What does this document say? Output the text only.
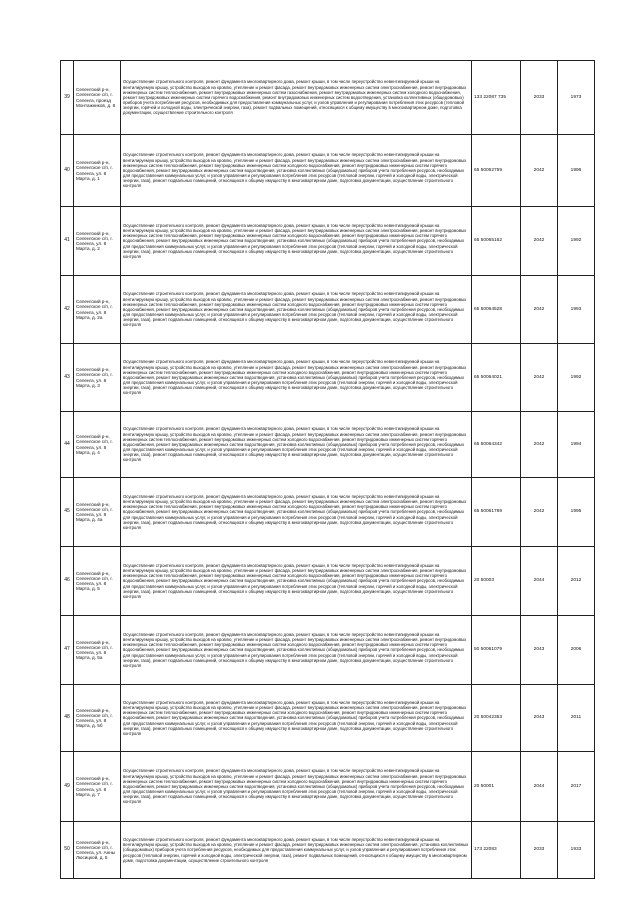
39	Селенгский р-н, Селенгское с/п, г. Селенга, проезд Монтажников, д. 8	Осуществление строительного контроля, ремонт фундамента многоквартирного дома, ремонт крыши, в том числе переустройство невентилируемой крыши на вентилируемую крышу, устройство выходов на кровлю, утепление и ремонт фасада, ремонт внутридомовых инженерных систем электроснабжения, ремонт внутридомовых инженерных систем теплоснабжения, ремонт внутридомовых инженерных систем газоснабжения, ремонт внутридомовых инженерных систем холодного водоснабжения, ремонт внутридомовых инженерных систем горячего водоснабжения, ремонт внутридомовых инженерных систем водоотведения, установка коллективных (общедомовых) приборов учета потребления ресурсов, необходимых для предоставления коммунальных услуг, и узлов управления и регулирования потребления этих ресурсов (тепловой энергии, горячей и холодной воды, электрической энергии, газа), ремонт подвальных помещений, относящихся к общему имуществу в многоквартирном доме, подготовка документации, осуществление строительного контроля	133 22087 735	2033	1973
40	Селенгский р-н, Селенгское с/п, г. Селенга, ул. 8 Марта, д. 1	Осуществление строительного контроля, ремонт фундамента многоквартирного дома, ремонт крыши, в том числе переустройство невентилируемой крыши на вентилируемую крышу, устройство выходов на кровлю, утепление и ремонт фасада, ремонт внутридомовых инженерных систем электроснабжения, ремонт внутридомовых инженерных систем теплоснабжения, ремонт внутридомовых инженерных систем холодного водоснабжения, ремонт внутридомовых инженерных систем горячего водоснабжения, ремонт внутридомовых инженерных систем водоотведения, установка коллективных (общедомовых) приборов учета потребления ресурсов, необходимых для предоставления коммунальных услуг, и узлов управления и регулирования потребления этих ресурсов (тепловой энергии, горячей и холодной воды, электрической энергии, газа), ремонт подвальных помещений, относящихся к общему имуществу в многоквартирном доме, подготовка документации, осуществление строительного контроля	65 50062759	2042	1996
41	Селенгский р-н, Селенгское с/п, г. Селенга, ул. 8 Марта, д. 2	Осуществление строительного контроля, ремонт фундамента многоквартирного дома, ремонт крыши, в том числе переустройство невентилируемой крыши на вентилируемую крышу, устройство выходов на кровлю, утепление и ремонт фасада, ремонт внутридомовых инженерных систем электроснабжения, ремонт внутридомовых инженерных систем теплоснабжения, ремонт внутридомовых инженерных систем холодного водоснабжения, ремонт внутридомовых инженерных систем горячего водоснабжения, ремонт внутридомовых инженерных систем водоотведения, установка коллективных (общедомовых) приборов учета потребления ресурсов, необходимых для предоставления коммунальных услуг, и узлов управления и регулирования потребления этих ресурсов (тепловой энергии, горячей и холодной воды, электрической энергии, газа), ремонт подвальных помещений, относящихся к общему имуществу в многоквартирном доме, подготовка документации, осуществление строительного контроля	65 50065162	2042	1992
42	Селенгский р-н, Селенгское с/п, г. Селенга, ул. 8 Марта, д. 2а	Осуществление строительного контроля, ремонт фундамента многоквартирного дома, ремонт крыши, в том числе переустройство невентилируемой крыши на вентилируемую крышу, устройство выходов на кровлю, утепление и ремонт фасада, ремонт внутридомовых инженерных систем электроснабжения, ремонт внутридомовых инженерных систем теплоснабжения, ремонт внутридомовых инженерных систем холодного водоснабжения, ремонт внутридомовых инженерных систем горячего водоснабжения, ремонт внутридомовых инженерных систем водоотведения, установка коллективных (общедомовых) приборов учета потребления ресурсов, необходимых для предоставления коммунальных услуг, и узлов управления и регулирования потребления этих ресурсов (тепловой энергии, горячей и холодной воды, электрической энергии, газа), ремонт подвальных помещений, относящихся к общему имуществу в многоквартирном доме, подготовка документации, осуществление строительного контроля	65 50064528	2042	1993
43	Селенгский р-н, Селенгское с/п, г. Селенга, ул. 8 Марта, д. 3	Осуществление строительного контроля, ремонт фундамента многоквартирного дома, ремонт крыши, в том числе переустройство невентилируемой крыши на вентилируемую крышу, устройство выходов на кровлю, утепление и ремонт фасада, ремонт внутридомовых инженерных систем электроснабжения, ремонт внутридомовых инженерных систем теплоснабжения, ремонт внутридомовых инженерных систем холодного водоснабжения, ремонт внутридомовых инженерных систем горячего водоснабжения, ремонт внутридомовых инженерных систем водоотведения, установка коллективных (общедомовых) приборов учета потребления ресурсов, необходимых для предоставления коммунальных услуг, и узлов управления и регулирования потребления этих ресурсов (тепловой энергии, горячей и холодной воды, электрической энергии, газа), ремонт подвальных помещений, относящихся к общему имуществу в многоквартирном доме, подготовка документации, осуществление строительного контроля	65 50064021	2042	1992
44	Селенгский р-н, Селенгское с/п, г. Селенга, ул. 8 Марта, д. 4	Осуществление строительного контроля, ремонт фундамента многоквартирного дома, ремонт крыши, в том числе переустройство невентилируемой крыши на вентилируемую крышу, устройство выходов на кровлю, утепление и ремонт фасада, ремонт внутридомовых инженерных систем электроснабжения, ремонт внутридомовых инженерных систем теплоснабжения, ремонт внутридомовых инженерных систем холодного водоснабжения, ремонт внутридомовых инженерных систем горячего водоснабжения, ремонт внутридомовых инженерных систем водоотведения, установка коллективных (общедомовых) приборов учета потребления ресурсов, необходимых для предоставления коммунальных услуг, и узлов управления и регулирования потребления этих ресурсов (тепловой энергии, горячей и холодной воды, электрической энергии, газа), ремонт подвальных помещений, относящихся к общему имуществу в многоквартирном доме, подготовка документации, осуществление строительного контроля	65 50064342	2042	1994
45	Селенгский р-н, Селенгское с/п, г. Селенга, ул. 8 Марта, д. 4а	Осуществление строительного контроля, ремонт фундамента многоквартирного дома, ремонт крыши, в том числе переустройство невентилируемой крыши на вентилируемую крышу, устройство выходов на кровлю, утепление и ремонт фасада, ремонт внутридомовых инженерных систем электроснабжения, ремонт внутридомовых инженерных систем теплоснабжения, ремонт внутридомовых инженерных систем холодного водоснабжения, ремонт внутридомовых инженерных систем горячего водоснабжения, ремонт внутридомовых инженерных систем водоотведения, установка коллективных (общедомовых) приборов учета потребления ресурсов, необходимых для предоставления коммунальных услуг, и узлов управления и регулирования потребления этих ресурсов (тепловой энергии, горячей и холодной воды, электрической энергии, газа), ремонт подвальных помещений, относящихся к общему имуществу в многоквартирном доме, подготовка документации, осуществление строительного контроля	65 50061789	2042	1995
46	Селенгский р-н, Селенгское с/п, г. Селенга, ул. 8 Марта, д. 5	Осуществление строительного контроля, ремонт фундамента многоквартирного дома, ремонт крыши, в том числе переустройство невентилируемой крыши на вентилируемую крышу, устройство выходов на кровлю, утепление и ремонт фасада, ремонт внутридомовых инженерных систем электроснабжения, ремонт внутридомовых инженерных систем теплоснабжения, ремонт внутридомовых инженерных систем холодного водоснабжения, ремонт внутридомовых инженерных систем горячего водоснабжения, ремонт внутридомовых инженерных систем водоотведения, установка коллективных (общедомовых) приборов учета потребления ресурсов, необходимых для предоставления коммунальных услуг, и узлов управления и регулирования потребления этих ресурсов (тепловой энергии, горячей и холодной воды, электрической энергии, газа), ремонт подвальных помещений, относящихся к общему имуществу в многоквартирном доме, подготовка документации, осуществление строительного контроля	20 50003	2044	2012
47	Селенгский р-н, Селенгское с/п, г. Селенга, ул. 8 Марта, д. 5а	Осуществление строительного контроля, ремонт фундамента многоквартирного дома, ремонт крыши, в том числе переустройство невентилируемой крыши на вентилируемую крышу, устройство выходов на кровлю, утепление и ремонт фасада, ремонт внутридомовых инженерных систем электроснабжения, ремонт внутридомовых инженерных систем теплоснабжения, ремонт внутридомовых инженерных систем холодного водоснабжения, ремонт внутридомовых инженерных систем горячего водоснабжения, ремонт внутридомовых инженерных систем водоотведения, установка коллективных (общедомовых) приборов учета потребления ресурсов, необходимых для предоставления коммунальных услуг, и узлов управления и регулирования потребления этих ресурсов (тепловой энергии, горячей и холодной воды, электрической энергии, газа), ремонт подвальных помещений, относящихся к общему имуществу в многоквартирном доме, подготовка документации, осуществление строительного контроля	50 50061079	2043	2006
48	Селенгский р-н, Селенгское с/п, г. Селенга, ул. 8 Марта, д. 5б	Осуществление строительного контроля, ремонт фундамента многоквартирного дома, ремонт крыши, в том числе переустройство невентилируемой крыши на вентилируемую крышу, устройство выходов на кровлю, утепление и ремонт фасада, ремонт внутридомовых инженерных систем электроснабжения, ремонт внутридомовых инженерных систем теплоснабжения, ремонт внутридомовых инженерных систем холодного водоснабжения, ремонт внутридомовых инженерных систем горячего водоснабжения, ремонт внутридомовых инженерных систем водоотведения, установка коллективных (общедомовых) приборов учета потребления ресурсов, необходимых для предоставления коммунальных услуг, и узлов управления и регулирования потребления этих ресурсов (тепловой энергии, горячей и холодной воды, электрической энергии, газа), ремонт подвальных помещений, относящихся к общему имуществу в многоквартирном доме, подготовка документации, осуществление строительного контроля	20 50042353	2043	2011
49	Селенгский р-н, Селенгское с/п, г. Селенга, ул. 8 Марта, д. 7	Осуществление строительного контроля, ремонт фундамента многоквартирного дома, ремонт крыши, в том числе переустройство невентилируемой крыши на вентилируемую крышу, устройство выходов на кровлю, утепление и ремонт фасада, ремонт внутридомовых инженерных систем электроснабжения, ремонт внутридомовых инженерных систем теплоснабжения, ремонт внутридомовых инженерных систем холодного водоснабжения, ремонт внутридомовых инженерных систем горячего водоснабжения, ремонт внутридомовых инженерных систем водоотведения, установка коллективных (общедомовых) приборов учета потребления ресурсов, необходимых для предоставления коммунальных услуг, и узлов управления и регулирования потребления этих ресурсов (тепловой энергии, горячей и холодной воды, электрической энергии, газа), ремонт подвальных помещений, относящихся к общему имуществу в многоквартирном доме, подготовка документации, осуществление строительного контроля	20 50001	2044	2017
50	Селенгский р-н, Селенгское с/п, г. Селенга, ул. Анны Люсицкой, д. 5	Осуществление строительного контроля, ремонт фундамента многоквартирного дома, ремонт крыши, в том числе переустройство невентилируемой крыши на вентилируемую крышу, устройство выходов на кровлю, утепление и ремонт фасада, ремонт внутридомовых инженерных систем электроснабжения, установка коллективных (общедомовых) приборов учета потребления ресурсов, необходимых для предоставления коммунальных услуг, и узлов управления и регулирования потребления этих ресурсов (тепловой энергии, горячей и холодной воды, электрической энергии, газа), ремонт подвальных помещений, относящихся к общему имуществу в многоквартирном доме, подготовка документации, осуществление строительного контроля	173 22083	2033	1933
